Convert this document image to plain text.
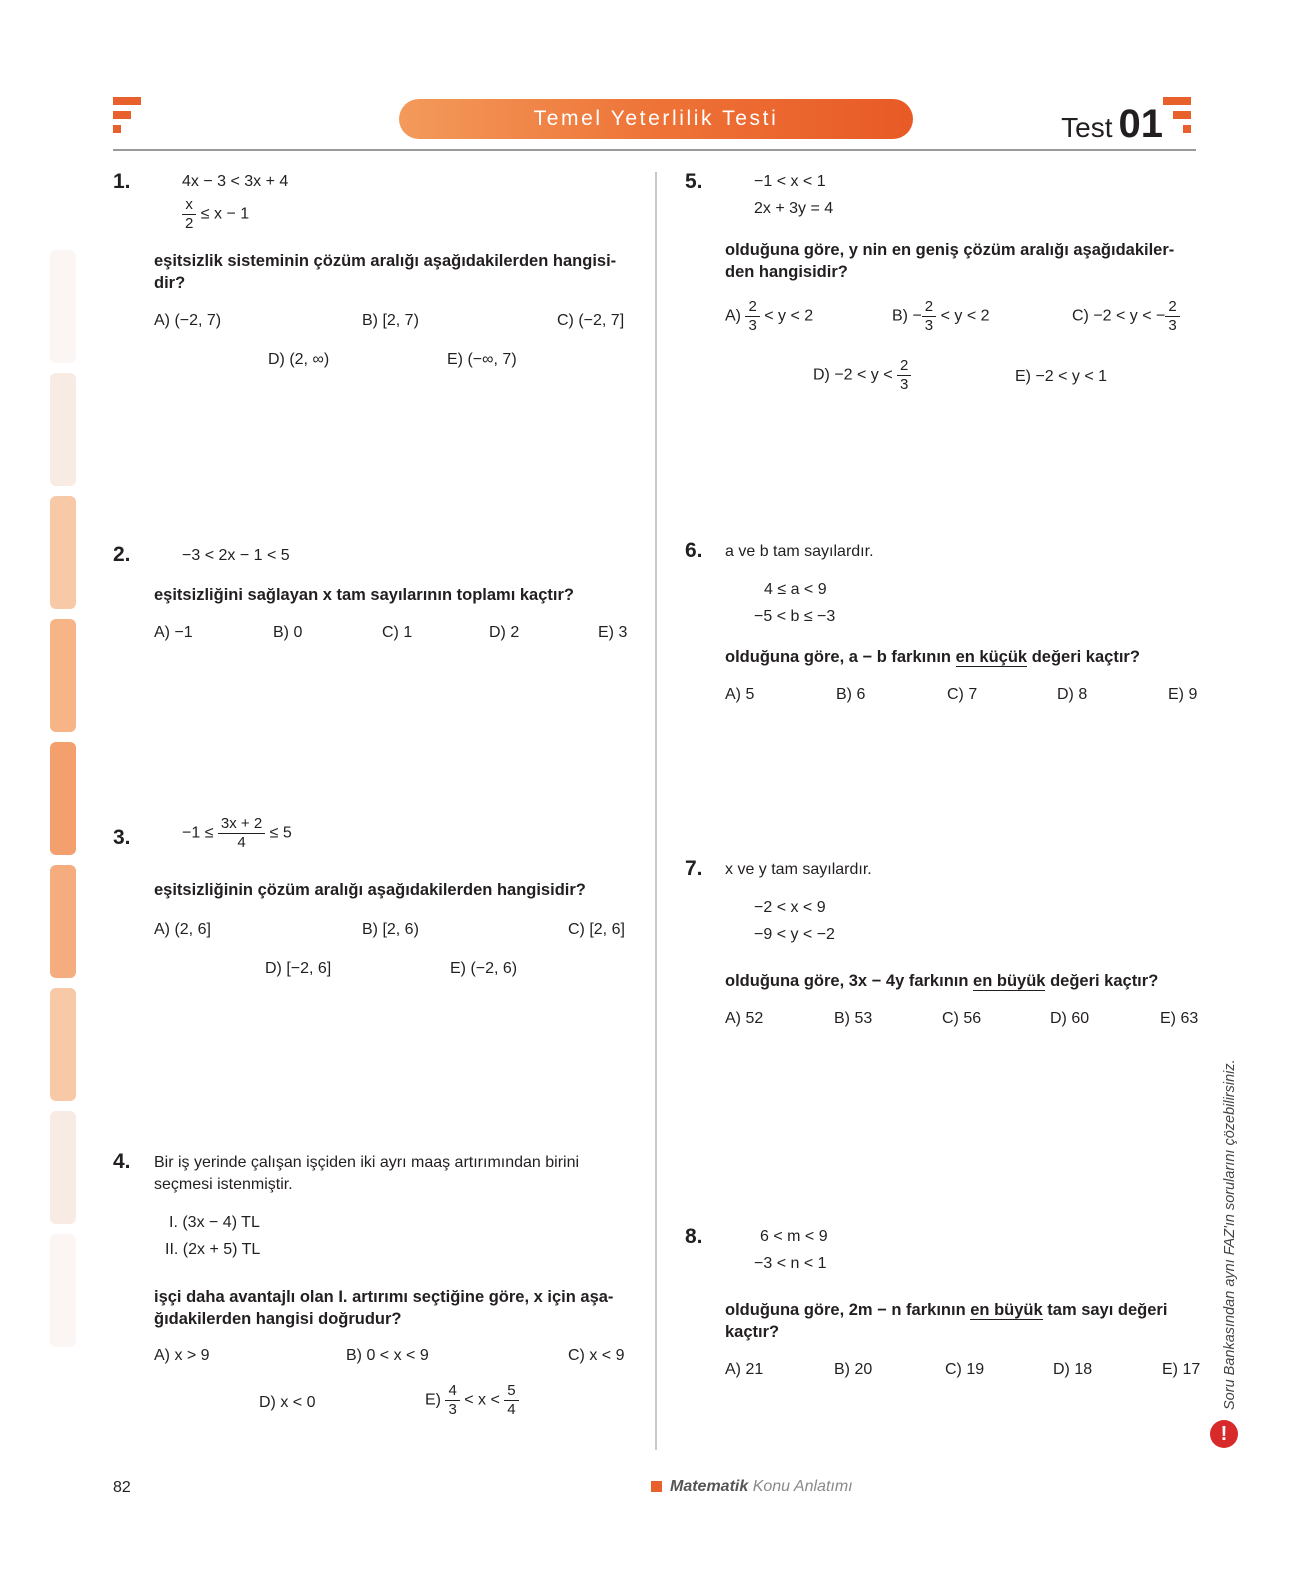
Temel Yeterlilik Testi	Test 01
1.	4x − 3 < 3x + 4
$\frac{x}{2} \le x - 1$
eşitsizlik sisteminin çözüm aralığı aşağıdakilerden hangisi-dir?
A) (−2, 7)	B) [2, 7)	C) (−2, 7]
D) (2, ∞)	E) (−∞, 7)
2.	−3 < 2x − 1 < 5
eşitsizliğini sağlayan x tam sayılarının toplamı kaçtır?
A) −1	B) 0	C) 1	D) 2	E) 3
3.	$-1 \le \frac{3x + 2}{4} \le 5$
eşitsizliğinin çözüm aralığı aşağıdakilerden hangisidir?
A) (2, 6]	B) [2, 6)	C) [2, 6]
D) [−2, 6]	E) (−2, 6)
4. Bir iş yerinde çalışan işçiden iki ayrı maaş artırımından birini seçmesi istenmiştir.
I. (3x − 4) TL
II. (2x + 5) TL
işçi daha avantajlı olan I. artırımı seçtiğine göre, x için aşa-ğıdakilerden hangisi doğrudur?
A) x > 9	B) 0 < x < 9	C) x < 9
D) x < 0	$E) \frac{4}{3} < x < \frac{5}{4}$
5.	−1 < x < 1
2x + 3y = 4
olduğuna göre, y nin en geniş çözüm aralığı aşağıdakiler-den hangisidir?
$A) \frac{2}{3} < y < 2$	$B) - \frac{2}{3} < y < 2$	C) −2 < y < − $\frac{2}{3}$
$D) -2 < y < \frac{2}{3}$	E) −2 < y < 1
6. a ve b tam sayılardır.
4 ≤ a < 9
−5 < b ≤ −3
olduğuna göre, a − b farkının en küçük değeri kaçtır?
A) 5	B) 6	C) 7	D) 8	E) 9
7. x ve y tam sayılardır.
−2 < x < 9
−9 < y < −2
olduğuna göre, 3x − 4y farkının en büyük değeri kaçtır?
A) 52	B) 53	C) 56	D) 60	E) 63
8.	6 < m < 9
−3 < n < 1
olduğuna göre, 2m − n farkının en büyük tam sayı değeri kaçtır?
A) 21	B) 20	C) 19	D) 18	E) 17 Soru Bankasından aynı FAZ'ın sorularını çözebilirsiniz.
!
82	Matematik Konu Anlatımı
